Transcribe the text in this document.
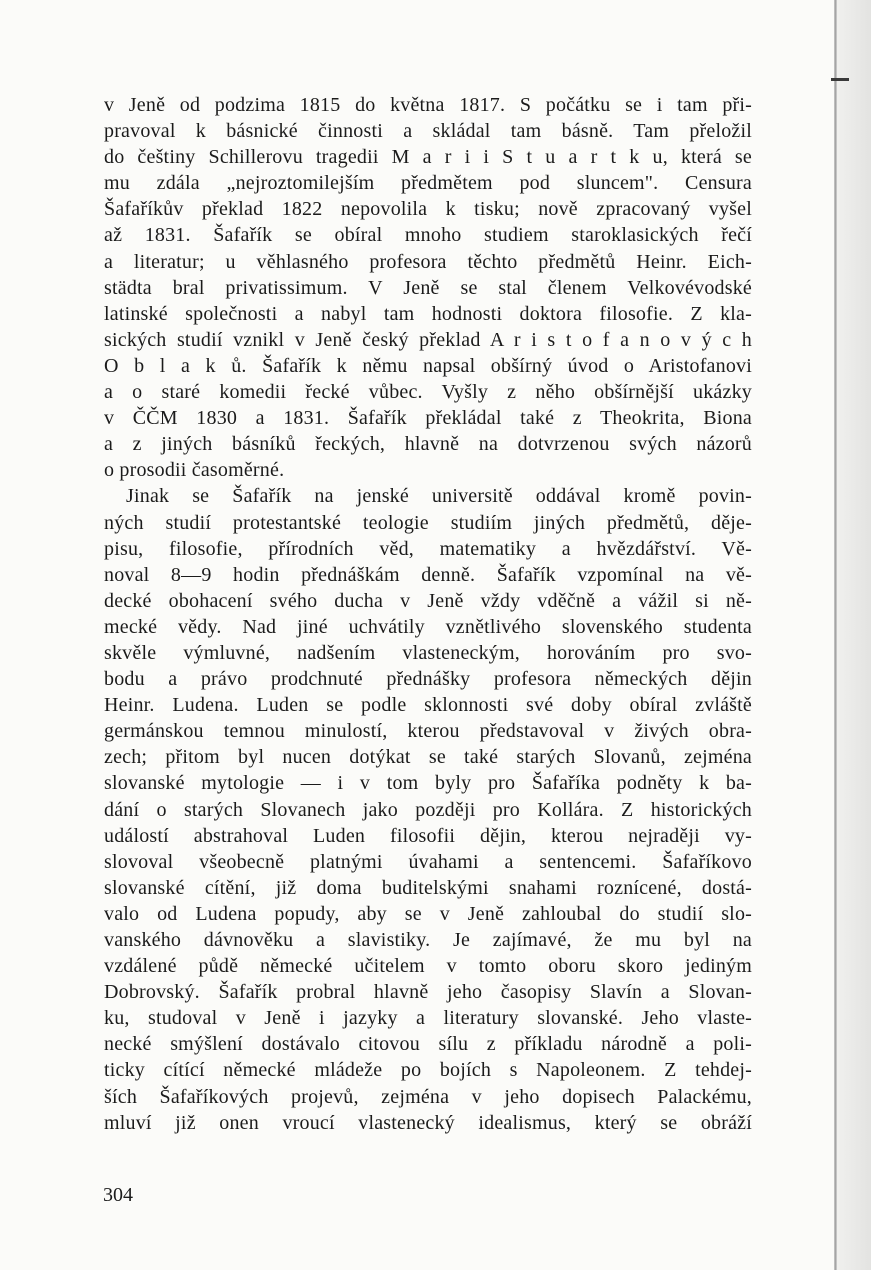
v Jeně od podzima 1815 do května 1817. S počátku se i tam při-
pravoval k básnické činnosti a skládal tam básně. Tam přeložil
do češtiny Schillerovu tragedii M a r i i S t u a r t k u, která se
mu zdála „nejroztomilejším předmětem pod sluncem". Censura
Šafaříkův překlad 1822 nepovolila k tisku; nově zpracovaný vyšel
až 1831. Šafařík se obíral mnoho studiem staroklasických řečí
a literatur; u věhlasného profesora těchto předmětů Heinr. Eich-
städta bral privatissimum. V Jeně se stal členem Velkovévodské
latinské společnosti a nabyl tam hodnosti doktora filosofie. Z kla-
sických studií vznikl v Jeně český překlad A r i s t o f a n o v ý c h
O b l a k ů. Šafařík k němu napsal obšírný úvod o Aristofanovi
a o staré komedii řecké vůbec. Vyšly z něho obšírnější ukázky
v ČČM 1830 a 1831. Šafařík překládal také z Theokrita, Biona
a z jiných básníků řeckých, hlavně na dotvrzenou svých názorů
o prosodii časoměrné.
Jinak se Šafařík na jenské universitě oddával kromě povin-
ných studií protestantské teologie studiím jiných předmětů, děje-
pisu, filosofie, přírodních věd, matematiky a hvězdářství. Vě-
noval 8—9 hodin přednáškám denně. Šafařík vzpomínal na vě-
decké obohacení svého ducha v Jeně vždy vděčně a vážil si ně-
mecké vědy. Nad jiné uchvátily vznětlivého slovenského studenta
skvěle výmluvné, nadšením vlasteneckým, horováním pro svo-
bodu a právo prodchnuté přednášky profesora německých dějin
Heinr. Ludena. Luden se podle sklonnosti své doby obíral zvláště
germánskou temnou minulostí, kterou představoval v živých obra-
zech; přitom byl nucen dotýkat se také starých Slovanů, zejména
slovanské mytologie — i v tom byly pro Šafaříka podněty k ba-
dání o starých Slovanech jako později pro Kollára. Z historických
událostí abstrahoval Luden filosofii dějin, kterou nejraději vy-
slovoval všeobecně platnými úvahami a sentencemi. Šafaříkovo
slovanské cítění, již doma buditelskými snahami roznícené, dostá-
valo od Ludena popudy, aby se v Jeně zahloubal do studií slo-
vanského dávnověku a slavistiky. Je zajímavé, že mu byl na
vzdálené půdě německé učitelem v tomto oboru skoro jediným
Dobrovský. Šafařík probral hlavně jeho časopisy Slavín a Slovan-
ku, studoval v Jeně i jazyky a literatury slovanské. Jeho vlaste-
necké smýšlení dostávalo citovou sílu z příkladu národně a poli-
ticky cítící německé mládeže po bojích s Napoleonem. Z tehdej-
ších Šafaříkových projevů, zejména v jeho dopisech Palackému,
mluví již onen vroucí vlastenecký idealismus, který se obráží
304
